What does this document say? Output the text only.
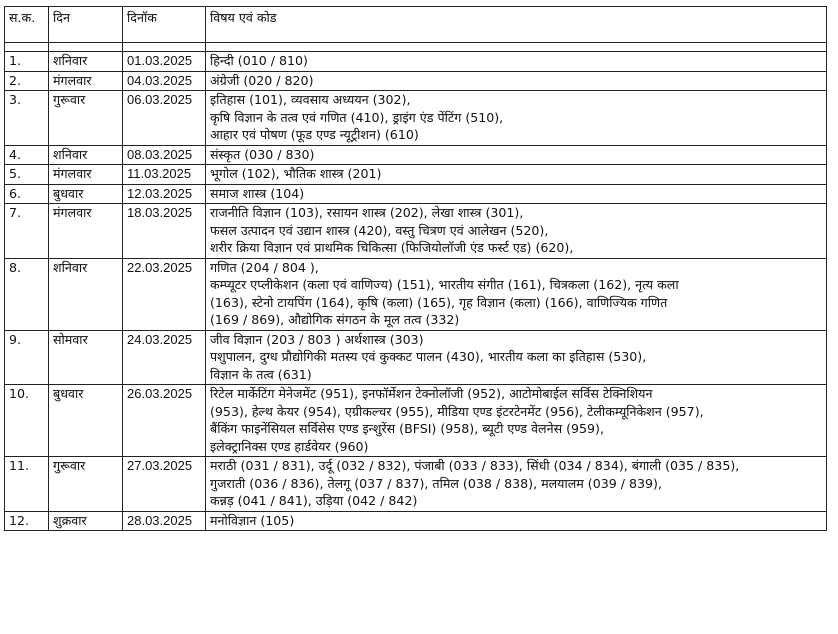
स.क.	दिन	दिनॉक	विषय एवं कोड

1.	शनिवार	01.03.2025	हिन्दी (010 / 810)

2.	मंगलवार	04.03.2025	अंग्रेजी (020 / 820)

3.	गुरूवार	06.03.2025	इतिहास (101), व्यवसाय अध्ययन (302),
कृषि विज्ञान के तत्व एवं गणित (410), ड्राइंग एंड पेंटिंग (510),
आहार एवं पोषण (फूड एण्ड न्यूट्रीशन) (610)

4.	शनिवार	08.03.2025	संस्कृत (030 / 830)

5.	मंगलवार	11.03.2025	भूगोल (102), भौतिक शास्त्र (201)

6.	बुधवार	12.03.2025	समाज शास्त्र (104)

7.	मंगलवार	18.03.2025	राजनीति विज्ञान (103), रसायन शास्त्र (202), लेखा शास्त्र (301),
फसल उत्पादन एवं उद्यान शास्त्र (420), वस्तु चित्रण एवं आलेखन (520),
शरीर क्रिया विज्ञान एवं प्राथमिक चिकित्सा (फिजियोलॉजी एंड फर्स्ट एड) (620),

8.	शनिवार	22.03.2025	गणित (204 / 804 ),
कम्प्यूटर एप्लीकेशन (कला एवं वाणिज्य) (151), भारतीय संगीत (161), चित्रकला (162), नृत्य कला
(163), स्टेनो टायपिंग (164), कृषि (कला) (165), गृह विज्ञान (कला) (166), वाणिज्यिक गणित
(169 / 869), औद्योगिक संगठन के मूल तत्व (332)

9.	सोमवार	24.03.2025	जीव विज्ञान (203 / 803 ) अर्थशास्त्र (303)
पशुपालन, दुग्ध प्रौद्योगिकी मतस्य एवं कुक्कट पालन (430), भारतीय कला का इतिहास (530),
विज्ञान के तत्व (631)

10.	बुधवार	26.03.2025	रिटेल मार्केटिंग मेनेजमेंट (951), इनफॉर्मेशन टेक्नोलॉजी (952), आटोमोबाईल सर्विस टेक्निशियन
(953), हेल्थ केयर (954), एग्रीकल्चर (955), मीडिया एण्ड इंटरटेनमेंट (956), टेलीकम्यूनिकेशन (957),
बैंकिंग फाइनेंसियल सर्विसेस एण्ड इन्शुरेंस (BFSI) (958), ब्यूटी एण्ड वेलनेस (959),
इलेक्ट्रानिक्स एण्ड हार्डवेयर (960)

11.	गुरूवार	27.03.2025	मराठी (031 / 831), उर्दू (032 / 832), पंजाबी (033 / 833), सिंधी (034 / 834), बंगाली (035 / 835),
गुजराती (036 / 836), तेलगू (037 / 837), तमिल (038 / 838), मलयालम (039 / 839),
कन्नड़ (041 / 841), उड़िया (042 / 842)

12.	शुक्रवार	28.03.2025	मनोविज्ञान (105)
